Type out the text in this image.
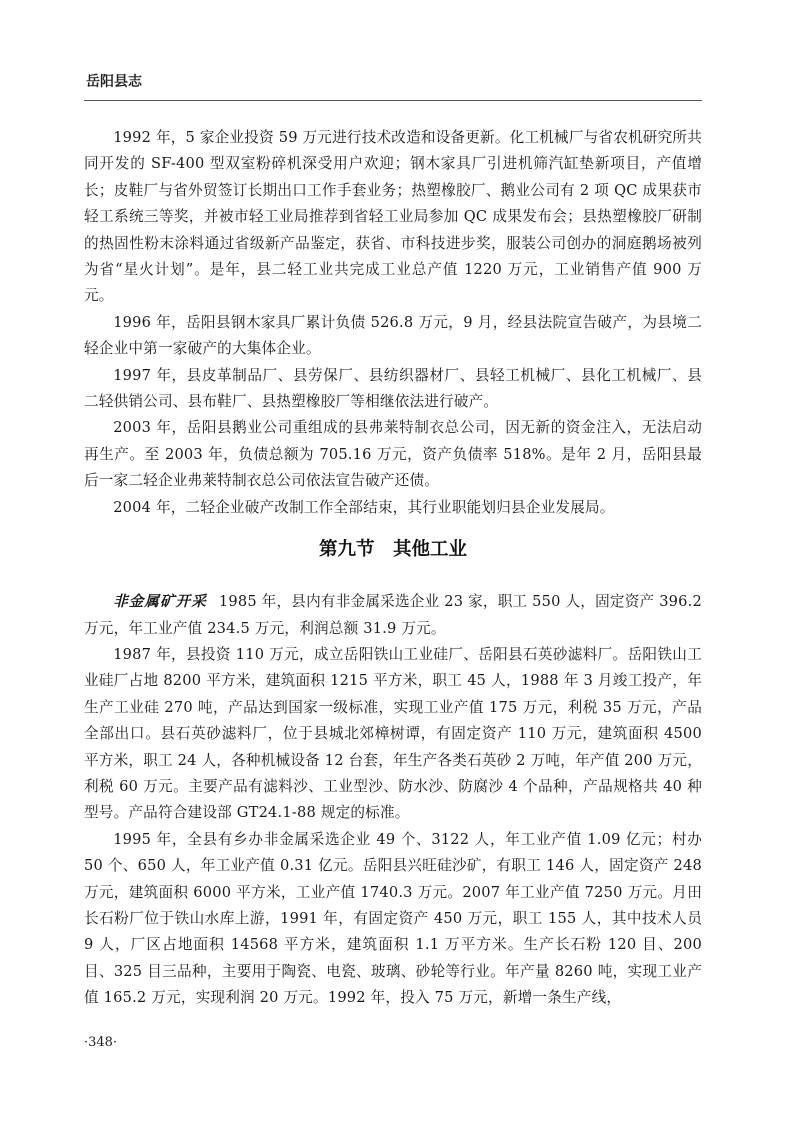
岳阳县志

1992 年，5 家企业投资 59 万元进行技术改造和设备更新。化工机械厂与省农机研究所共同开发的 SF-400 型双室粉碎机深受用户欢迎；钢木家具厂引进机筛汽缸垫新项目，产值增长；皮鞋厂与省外贸签订长期出口工作手套业务；热塑橡胶厂、鹅业公司有 2 项 QC 成果获市轻工系统三等奖，并被市轻工业局推荐到省轻工业局参加 QC 成果发布会；县热塑橡胶厂研制的热固性粉末涂料通过省级新产品鉴定，获省、市科技进步奖，服装公司创办的洞庭鹅场被列为省“星火计划”。是年，县二轻工业共完成工业总产值 1220 万元，工业销售产值 900 万元。

1996 年，岳阳县钢木家具厂累计负债 526.8 万元，9 月，经县法院宣告破产，为县境二轻企业中第一家破产的大集体企业。

1997 年，县皮革制品厂、县劳保厂、县纺织器材厂、县轻工机械厂、县化工机械厂、县二轻供销公司、县布鞋厂、县热塑橡胶厂等相继依法进行破产。

2003 年，岳阳县鹅业公司重组成的县弗莱特制衣总公司，因无新的资金注入，无法启动再生产。至 2003 年，负债总额为 705.16 万元，资产负债率 518%。是年 2 月，岳阳县最后一家二轻企业弗莱特制衣总公司依法宣告破产还债。

2004 年，二轻企业破产改制工作全部结束，其行业职能划归县企业发展局。

第九节　其他工业

非金属矿开采 1985 年，县内有非金属采选企业 23 家，职工 550 人，固定资产 396.2 万元，年工业产值 234.5 万元，利润总额 31.9 万元。

1987 年，县投资 110 万元，成立岳阳铁山工业硅厂、岳阳县石英砂滤料厂。岳阳铁山工业硅厂占地 8200 平方米，建筑面积 1215 平方米，职工 45 人，1988 年 3 月竣工投产，年生产工业硅 270 吨，产品达到国家一级标准，实现工业产值 175 万元，利税 35 万元，产品全部出口。县石英砂滤料厂，位于县城北郊樟树谭，有固定资产 110 万元，建筑面积 4500 平方米，职工 24 人，各种机械设备 12 台套，年生产各类石英砂 2 万吨，年产值 200 万元，利税 60 万元。主要产品有滤料沙、工业型沙、防水沙、防腐沙 4 个品种，产品规格共 40 种型号。产品符合建设部 GT24.1-88 规定的标准。

1995 年，全县有乡办非金属采选企业 49 个、3122 人，年工业产值 1.09 亿元；村办 50 个、650 人，年工业产值 0.31 亿元。岳阳县兴旺硅沙矿，有职工 146 人，固定资产 248 万元，建筑面积 6000 平方米，工业产值 1740.3 万元。2007 年工业产值 7250 万元。月田长石粉厂位于铁山水库上游，1991 年，有固定资产 450 万元，职工 155 人，其中技术人员 9 人，厂区占地面积 14568 平方米，建筑面积 1.1 万平方米。生产长石粉 120 目、200 目、325 目三品种，主要用于陶瓷、电瓷、玻璃、砂轮等行业。年产量 8260 吨，实现工业产值 165.2 万元，实现利润 20 万元。1992 年，投入 75 万元，新增一条生产线，

·348·
